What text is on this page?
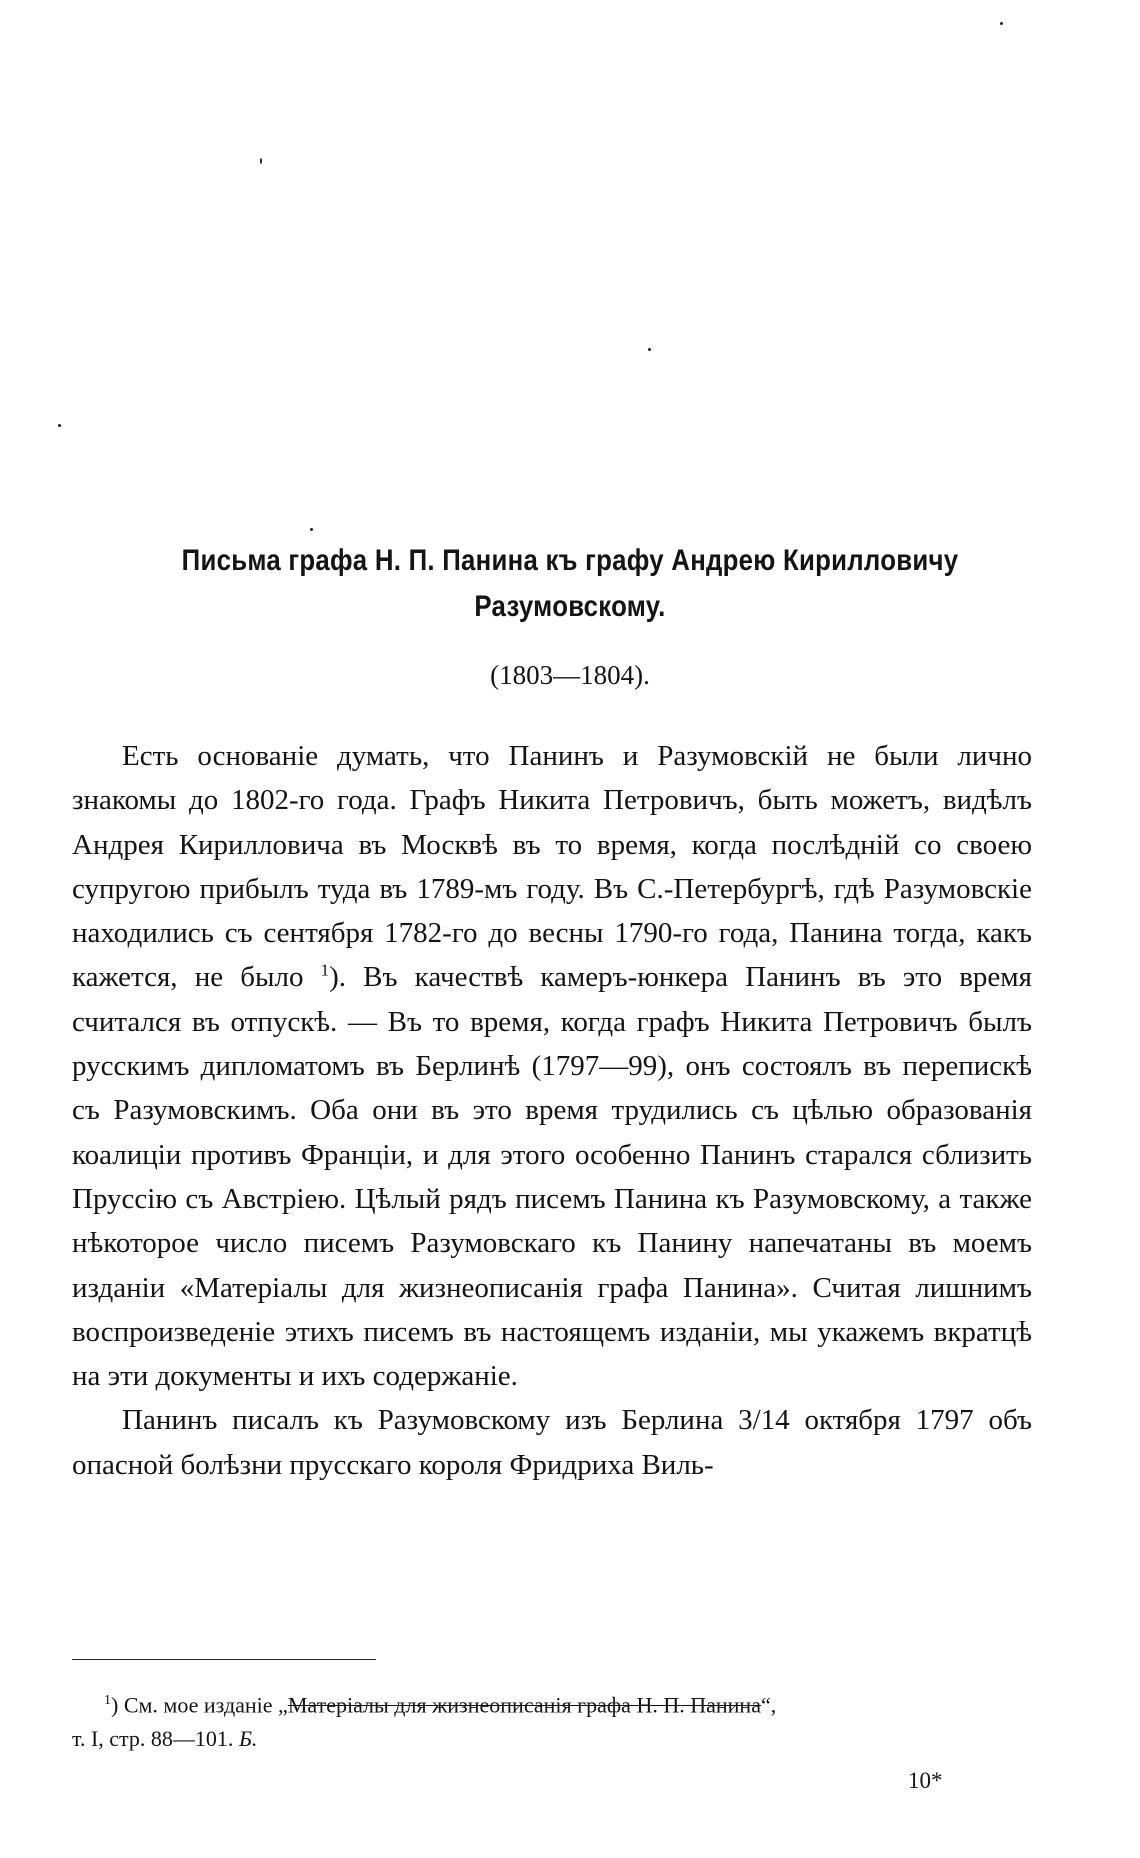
Письма графа Н. П. Панина къ графу Андрею Кирилловичу
Разумовскому.
(1803—1804).

Есть основаніе думать, что Панинъ и Разумовскій не были лично знакомы до 1802-го года. Графъ Никита Петровичъ, быть можетъ, видѣлъ Андрея Кирилловича въ Москвѣ въ то время, когда послѣдній со своею супругою прибылъ туда въ 1789-мъ году. Въ С.-Петербургѣ, гдѣ Разумовскіе находились съ сентября 1782-го до весны 1790-го года, Панина тогда, какъ кажется, не было $^1$). Въ качествѣ камеръ-юнкера Панинъ въ это время считался въ отпускѣ. — Въ то время, когда графъ Никита Петровичъ былъ русскимъ дипломатомъ въ Берлинѣ (1797—99), онъ состоялъ въ перепискѣ съ Разумовскимъ. Оба они въ это время трудились съ цѣлью образованія коалиціи противъ Франціи, и для этого особенно Панинъ старался сблизить Пруссію съ Австріею. Цѣлый рядъ писемъ Панина къ Разумовскому, а также нѣкоторое число писемъ Разумовскаго къ Панину напечатаны въ моемъ изданіи «Матеріалы для жизнеописанія графа Панина». Считая лишнимъ воспроизведеніе этихъ писемъ въ настоящемъ изданіи, мы укажемъ вкратцѣ на эти документы и ихъ содержаніе.

Панинъ писалъ къ Разумовскому изъ Берлина 3/14 октября 1797 объ опасной болѣзни прусскаго короля Фридриха Виль-

$^1$) См. мое изданіе „Матеріалы для жизнеописанія графа Н. П. Панина“,
т. I, стр. 88—101. Б.
10*
